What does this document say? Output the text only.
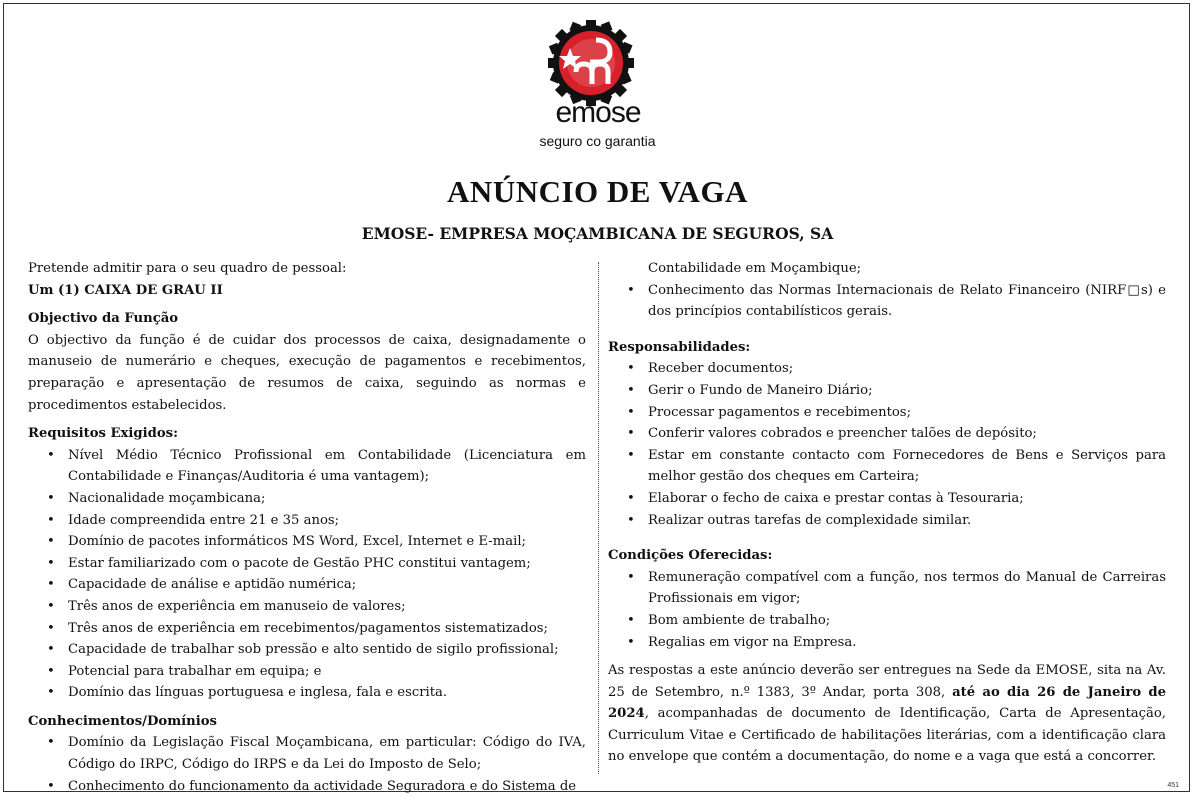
emose
seguro co garantia
ANÚNCIO DE VAGA
EMOSE- EMPRESA MOÇAMBICANA DE SEGUROS, SA

Pretende admitir para o seu quadro de pessoal:

Um (1) CAIXA DE GRAU II

Objectivo da Função

O objectivo da função é de cuidar dos processos de caixa, designadamente o manuseio de numerário e cheques, execução de pagamentos e recebimentos, preparação e apresentação de resumos de caixa, seguindo as normas e procedimentos estabelecidos.

Requisitos Exigidos:
• Nível Médio Técnico Profissional em Contabilidade (Licenciatura em Contabilidade e Finanças/Auditoria é uma vantagem);
• Nacionalidade moçambicana;
• Idade compreendida entre 21 e 35 anos;
• Domínio de pacotes informáticos MS Word, Excel, Internet e E-mail;
• Estar familiarizado com o pacote de Gestão PHC constitui vantagem;
• Capacidade de análise e aptidão numérica;
• Três anos de experiência em manuseio de valores;
• Três anos de experiência em recebimentos/pagamentos sistematizados;
• Capacidade de trabalhar sob pressão e alto sentido de sigilo profissional;
• Potencial para trabalhar em equipa; e
• Domínio das línguas portuguesa e inglesa, fala e escrita.
Conhecimentos/Domínios
• Domínio da Legislação Fiscal Moçambicana, em particular: Código do IVA, Código do IRPC, Código do IRPS e da Lei do Imposto de Selo;
• Conhecimento do funcionamento da actividade Seguradora e do Sistema de
Contabilidade em Moçambique;
• Conhecimento das Normas Internacionais de Relato Financeiro (NIRF□s) e dos princípios contabilísticos gerais.
Responsabilidades:
• Receber documentos;
• Gerir o Fundo de Maneiro Diário;
• Processar pagamentos e recebimentos;
• Conferir valores cobrados e preencher talões de depósito;
• Estar em constante contacto com Fornecedores de Bens e Serviços para melhor gestão dos cheques em Carteira;
• Elaborar o fecho de caixa e prestar contas à Tesouraria;
• Realizar outras tarefas de complexidade similar.
Condições Oferecidas:
• Remuneração compatível com a função, nos termos do Manual de Carreiras Profissionais em vigor;
• Bom ambiente de trabalho;
• Regalias em vigor na Empresa.

As respostas a este anúncio deverão ser entregues na Sede da EMOSE, sita na Av. 25 de Setembro, n.º 1383, 3º Andar, porta 308, até ao dia 26 de Janeiro de 2024, acompanhadas de documento de Identificação, Carta de Apresentação, Curriculum Vitae e Certificado de habilitações literárias, com a identificação clara no envelope que contém a documentação, do nome e a vaga que está a concorrer.

451
